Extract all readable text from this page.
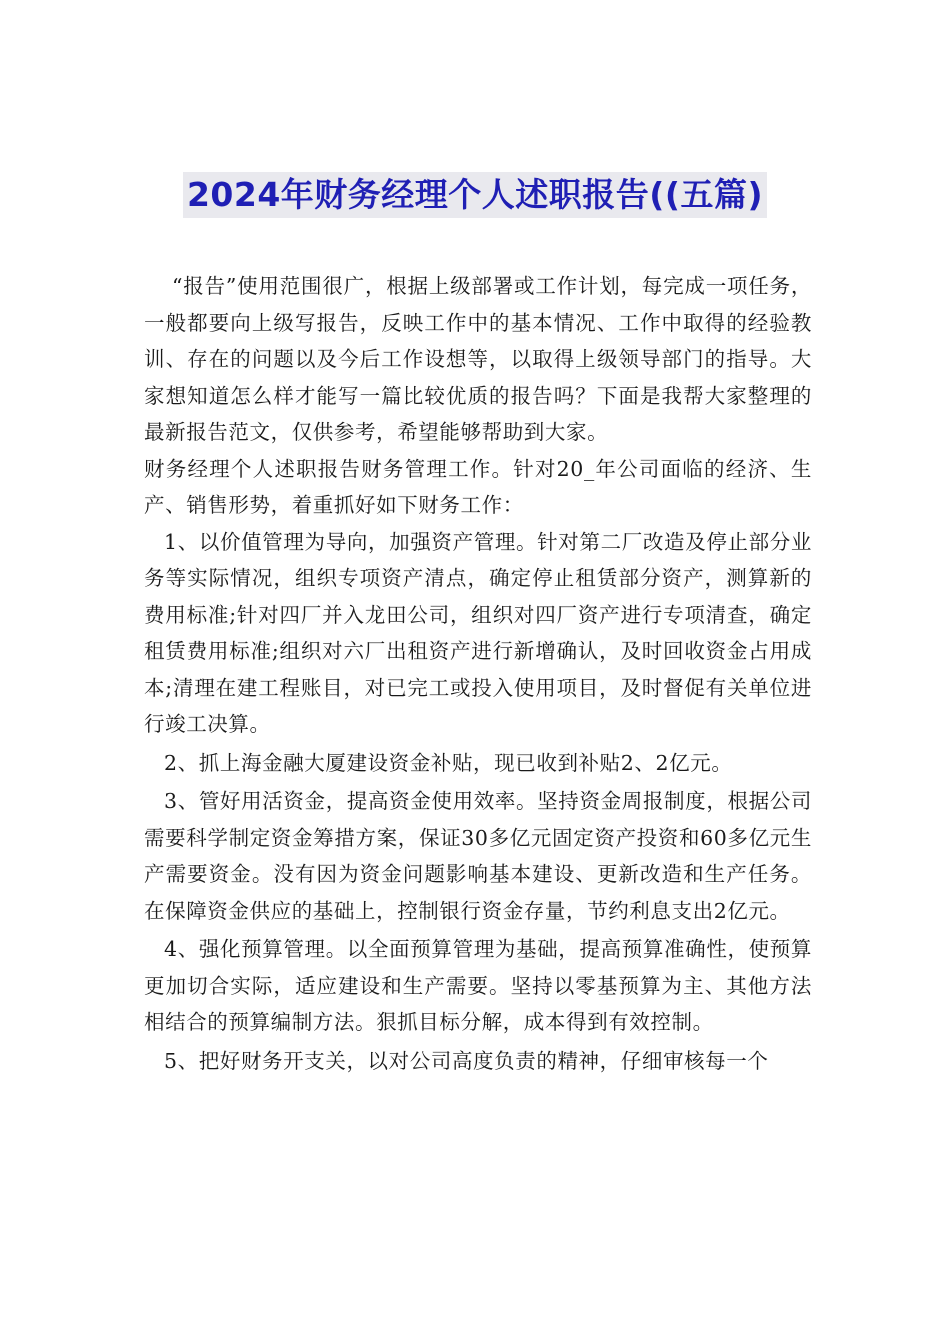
2024年财务经理个人述职报告((五篇)

“报告”使用范围很广，根据上级部署或工作计划，每完成一项任务，一般都要向上级写报告，反映工作中的基本情况、工作中取得的经验教训、存在的问题以及今后工作设想等，以取得上级领导部门的指导。大家想知道怎么样才能写一篇比较优质的报告吗？下面是我帮大家整理的最新报告范文，仅供参考，希望能够帮助到大家。

财务经理个人述职报告财务管理工作。针对20_年公司面临的经济、生产、销售形势，着重抓好如下财务工作：

1、以价值管理为导向，加强资产管理。针对第二厂改造及停止部分业务等实际情况，组织专项资产清点，确定停止租赁部分资产，测算新的费用标准;针对四厂并入龙田公司，组织对四厂资产进行专项清查，确定租赁费用标准;组织对六厂出租资产进行新增确认，及时回收资金占用成本;清理在建工程账目，对已完工或投入使用项目，及时督促有关单位进行竣工决算。

2、抓上海金融大厦建设资金补贴，现已收到补贴2、2亿元。

3、管好用活资金，提高资金使用效率。坚持资金周报制度，根据公司需要科学制定资金筹措方案，保证30多亿元固定资产投资和60多亿元生产需要资金。没有因为资金问题影响基本建设、更新改造和生产任务。在保障资金供应的基础上，控制银行资金存量，节约利息支出2亿元。

4、强化预算管理。以全面预算管理为基础，提高预算准确性，使预算更加切合实际，适应建设和生产需要。坚持以零基预算为主、其他方法相结合的预算编制方法。狠抓目标分解，成本得到有效控制。

5、把好财务开支关，以对公司高度负责的精神，仔细审核每一个
